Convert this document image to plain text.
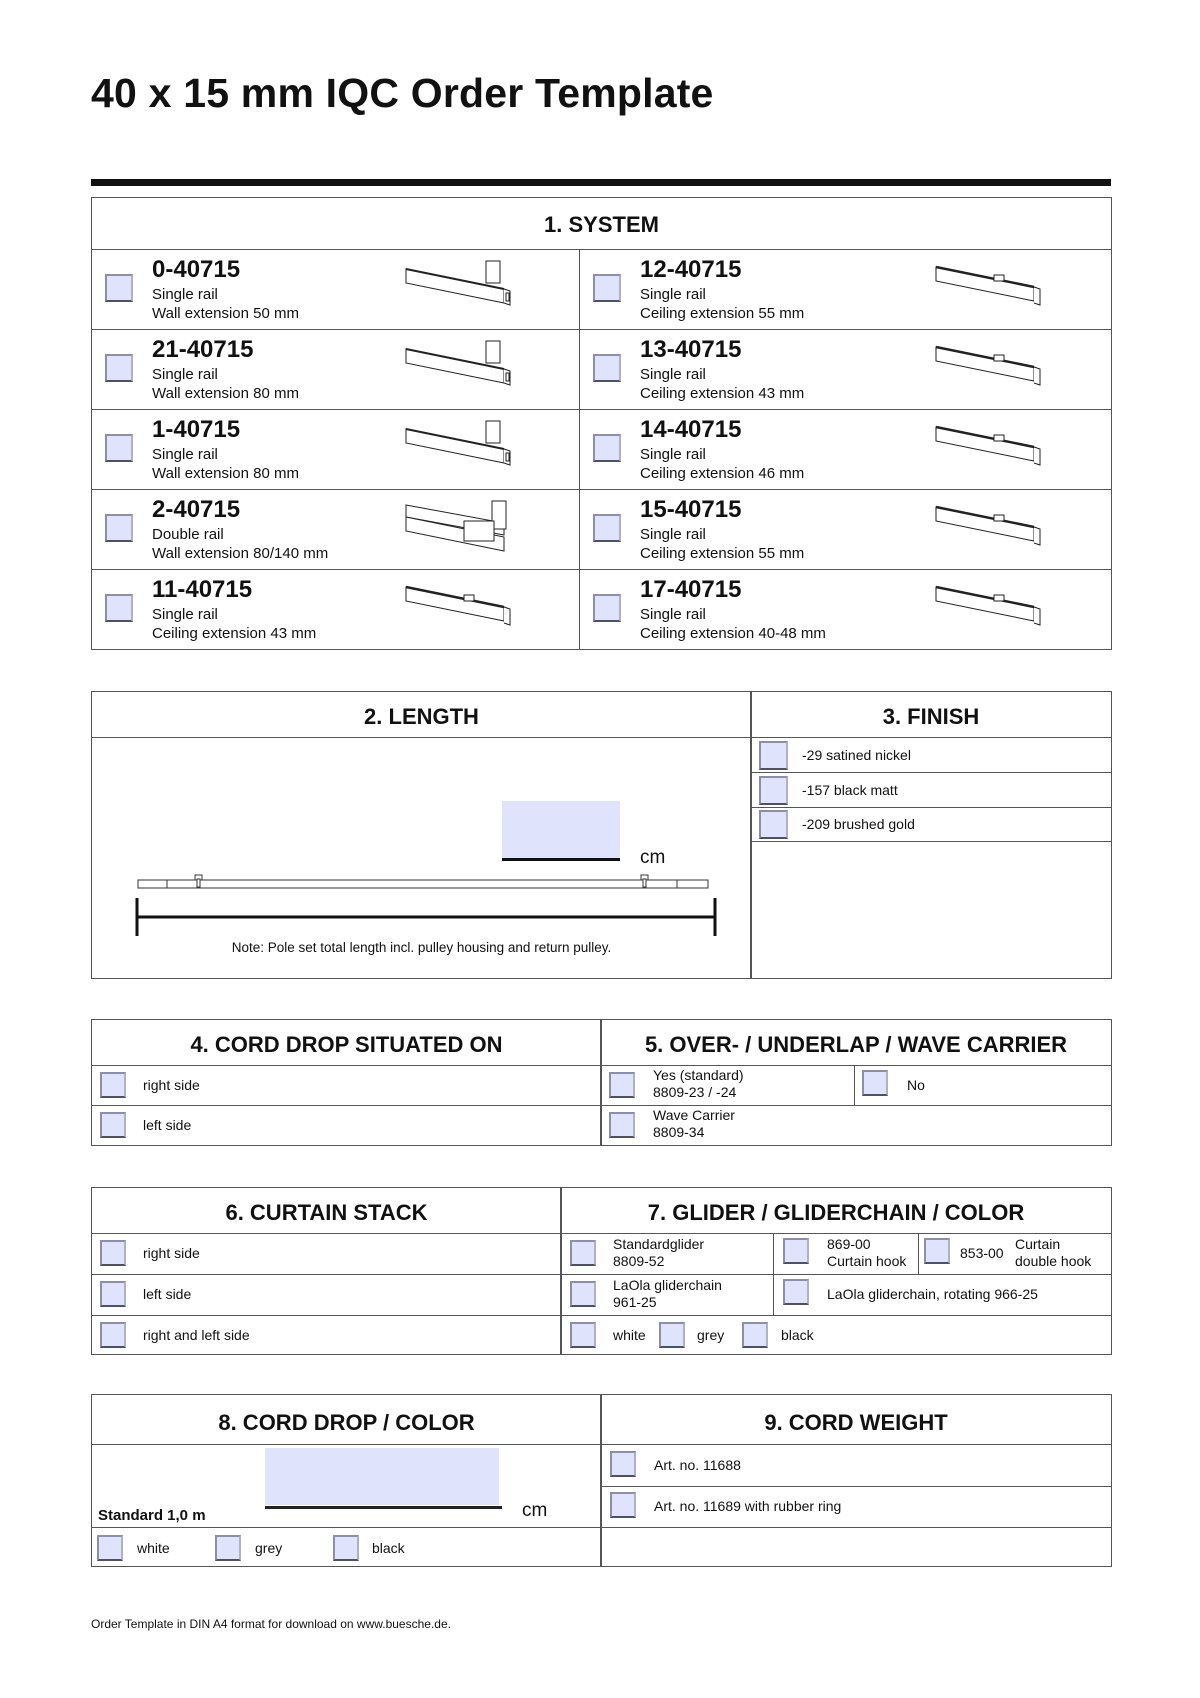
40 x 15 mm IQC Order Template
1. SYSTEM
0-40715
Single rail
Wall extension 50 mm
12-40715
Single rail
Ceiling extension 55 mm
21-40715
Single rail
Wall extension 80 mm
13-40715
Single rail
Ceiling extension 43 mm
1-40715
Single rail
Wall extension 80 mm
14-40715
Single rail
Ceiling extension 46 mm
2-40715
Double rail
Wall extension 80/140 mm
15-40715
Single rail
Ceiling extension 55 mm
11-40715
Single rail
Ceiling extension 43 mm
17-40715
Single rail
Ceiling extension 40-48 mm
2. LENGTH	3. FINISH
cm
Note: Pole set total length incl. pulley housing and return pulley.
-29 satined nickel
-157 black matt
-209 brushed gold
4. CORD DROP SITUATED ON	5. OVER- / UNDERLAP / WAVE CARRIER
right side
left side
Yes (standard)
8809-23 / -24	No
Wave Carrier
8809-34
6. CURTAIN STACK	7. GLIDER / GLIDERCHAIN / COLOR
right side
left side
right and left side
Standardglider
8809-52
869-00
Curtain hook	853-00
Curtain
double hook
LaOla gliderchain
961-25	LaOla gliderchain, rotating 966-25
white	grey	black
8. CORD DROP / COLOR	9. CORD WEIGHT
Standard 1,0 m	cm
white	grey	black
Art. no. 11688
Art. no. 11689 with rubber ring
Order Template in DIN A4 format for download on www.buesche.de.
